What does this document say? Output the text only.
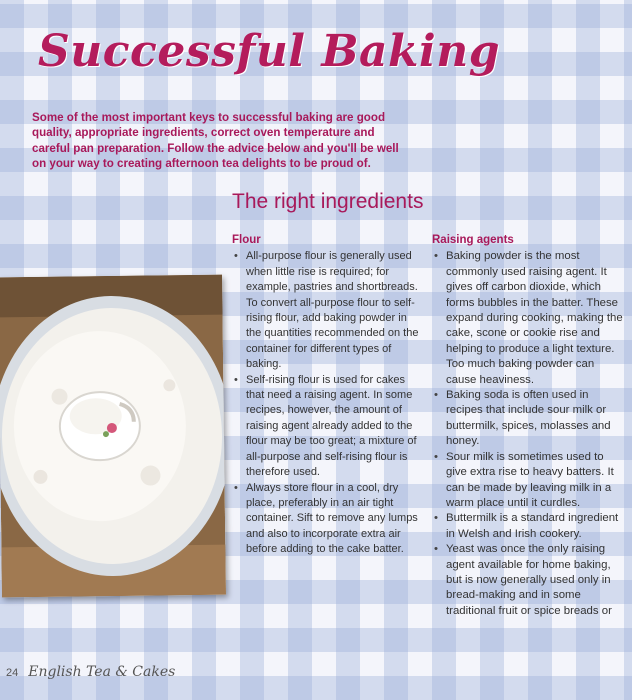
Successful Baking
Some of the most important keys to successful baking are good quality, appropriate ingredients, correct oven temperature and careful pan preparation. Follow the advice below and you'll be well on your way to creating afternoon tea delights to be proud of.
The right ingredients
Flour
• All-purpose flour is generally used when little rise is required; for example, pastries and shortbreads. To convert all-purpose flour to self-rising flour, add baking powder in the quantities recommended on the container for different types of baking.
• Self-rising flour is used for cakes that need a raising agent. In some recipes, however, the amount of raising agent already added to the flour may be too great; a mixture of all-purpose and self-rising flour is therefore used.
• Always store flour in a cool, dry place, preferably in an air tight container. Sift to remove any lumps and also to incorporate extra air before adding to the cake batter.
Raising agents
• Baking powder is the most commonly used raising agent. It gives off carbon dioxide, which forms bubbles in the batter. These expand during cooking, making the cake, scone or cookie rise and helping to produce a light texture. Too much baking powder can cause heaviness.
• Baking soda is often used in recipes that include sour milk or buttermilk, spices, molasses and honey.
• Sour milk is sometimes used to give extra rise to heavy batters. It can be made by leaving milk in a warm place until it curdles.
• Buttermilk is a standard ingredient in Welsh and Irish cookery.
• Yeast was once the only raising agent available for home baking, but is now generally used only in bread-making and in some traditional fruit or spice breads or
24 English Tea & Cakes
